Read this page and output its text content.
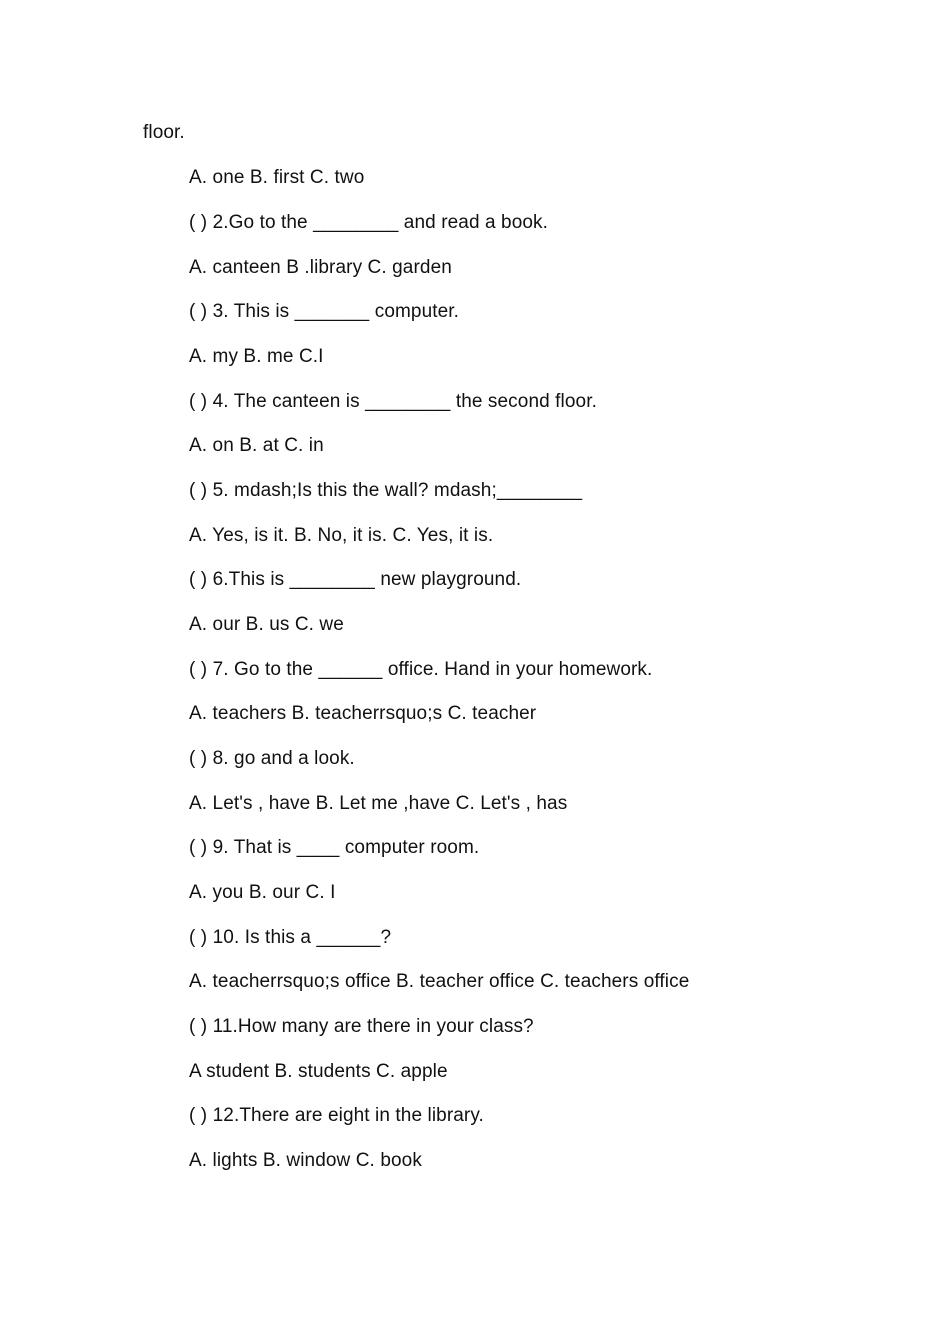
floor.
A. one B. first C. two
( ) 2.Go to the ________ and read a book.
A. canteen B .library C. garden
( ) 3. This is _______ computer.
A. my B. me C.I
( ) 4. The canteen is ________ the second floor.
A. on B. at C. in
( ) 5. mdash;Is this the wall? mdash;________
A. Yes, is it. B. No, it is. C. Yes, it is.
( ) 6.This is ________ new playground.
A. our B. us C. we
( ) 7. Go to the ______ office. Hand in your homework.
A. teachers B. teacherrsquo;s C. teacher
( ) 8. go and a look.
A. Let's , have B. Let me ,have C. Let's , has
( ) 9. That is ____ computer room.
A. you B. our C. I
( ) 10. Is this a ______?
A. teacherrsquo;s office B. teacher office C. teachers office
( ) 11.How many are there in your class?
A student B. students C. apple
( ) 12.There are eight in the library.
A. lights B. window C. book
